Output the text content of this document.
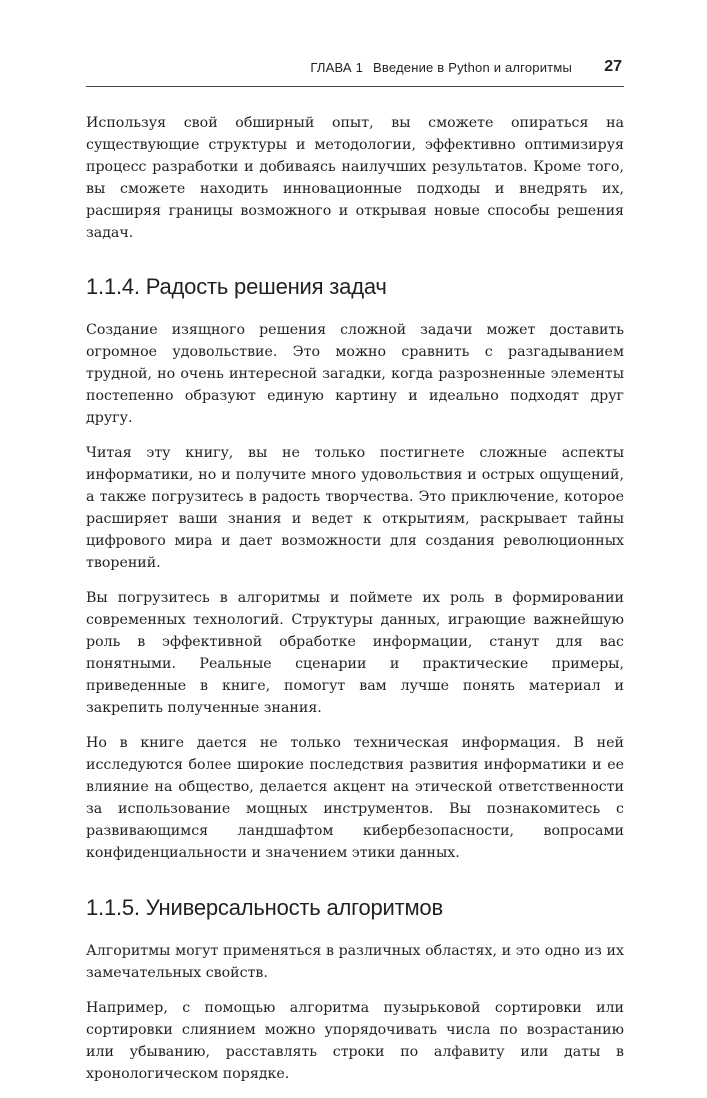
ГЛАВА 1 Введение в Python и алгоритмы 27

Используя свой обширный опыт, вы сможете опираться на существующие структуры и методологии, эффективно оптимизируя процесс разработки и добиваясь наилучших результатов. Кроме того, вы сможете находить инновационные подходы и внедрять их, расширяя границы возможного и открывая новые способы решения задач.

1.1.4. Радость решения задач

Создание изящного решения сложной задачи может доставить огромное удовольствие. Это можно сравнить с разгадыванием трудной, но очень интересной загадки, когда разрозненные элементы постепенно образуют единую картину и идеально подходят друг другу.

Читая эту книгу, вы не только постигнете сложные аспекты информатики, но и получите много удовольствия и острых ощущений, а также погрузитесь в радость творчества. Это приключение, которое расширяет ваши знания и ведет к открытиям, раскрывает тайны цифрового мира и дает возможности для создания революционных творений.

Вы погрузитесь в алгоритмы и поймете их роль в формировании современных технологий. Структуры данных, играющие важнейшую роль в эффективной обработке информации, станут для вас понятными. Реальные сценарии и практические примеры, приведенные в книге, помогут вам лучше понять материал и закрепить полученные знания.

Но в книге дается не только техническая информация. В ней исследуются более широкие последствия развития информатики и ее влияние на общество, делается акцент на этической ответственности за использование мощных инструментов. Вы познакомитесь с развивающимся ландшафтом кибербезопасности, вопросами конфиденциальности и значением этики данных.

1.1.5. Универсальность алгоритмов

Алгоритмы могут применяться в различных областях, и это одно из их замечательных свойств.

Например, с помощью алгоритма пузырьковой сортировки или сортировки слиянием можно упорядочивать числа по возрастанию или убыванию, расставлять строки по алфавиту или даты в хронологическом порядке.
